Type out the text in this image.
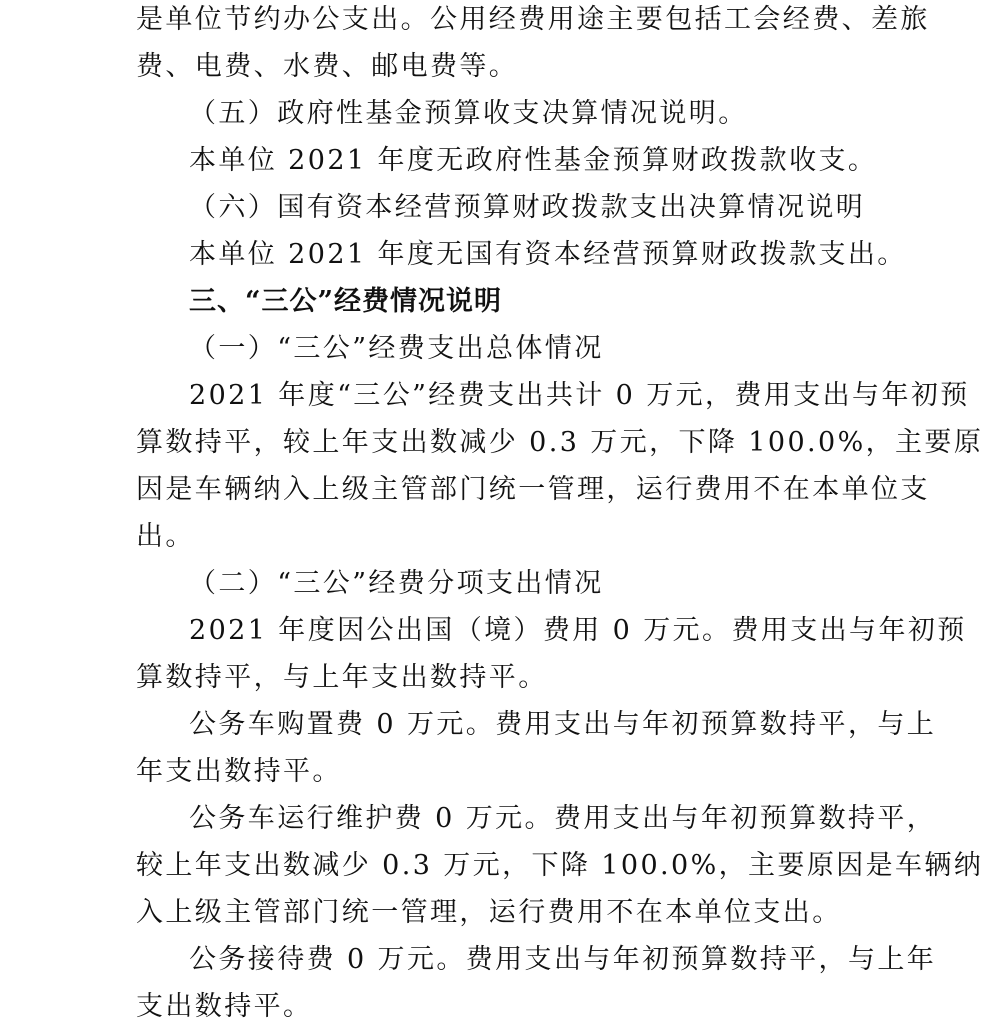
是单位节约办公支出。公用经费用途主要包括工会经费、差旅
费、电费、水费、邮电费等。
（五）政府性基金预算收支决算情况说明。
本单位 2021 年度无政府性基金预算财政拨款收支。
（六）国有资本经营预算财政拨款支出决算情况说明
本单位 2021 年度无国有资本经营预算财政拨款支出。
三、“三公”经费情况说明
（一）“三公”经费支出总体情况
2021 年度“三公”经费支出共计 0 万元，费用支出与年初预
算数持平，较上年支出数减少 0.3 万元，下降 100.0%，主要原
因是车辆纳入上级主管部门统一管理，运行费用不在本单位支
出。
（二）“三公”经费分项支出情况
2021 年度因公出国（境）费用 0 万元。费用支出与年初预
算数持平，与上年支出数持平。
公务车购置费 0 万元。费用支出与年初预算数持平，与上
年支出数持平。
公务车运行维护费 0 万元。费用支出与年初预算数持平，
较上年支出数减少 0.3 万元，下降 100.0%，主要原因是车辆纳
入上级主管部门统一管理，运行费用不在本单位支出。
公务接待费 0 万元。费用支出与年初预算数持平，与上年
支出数持平。
